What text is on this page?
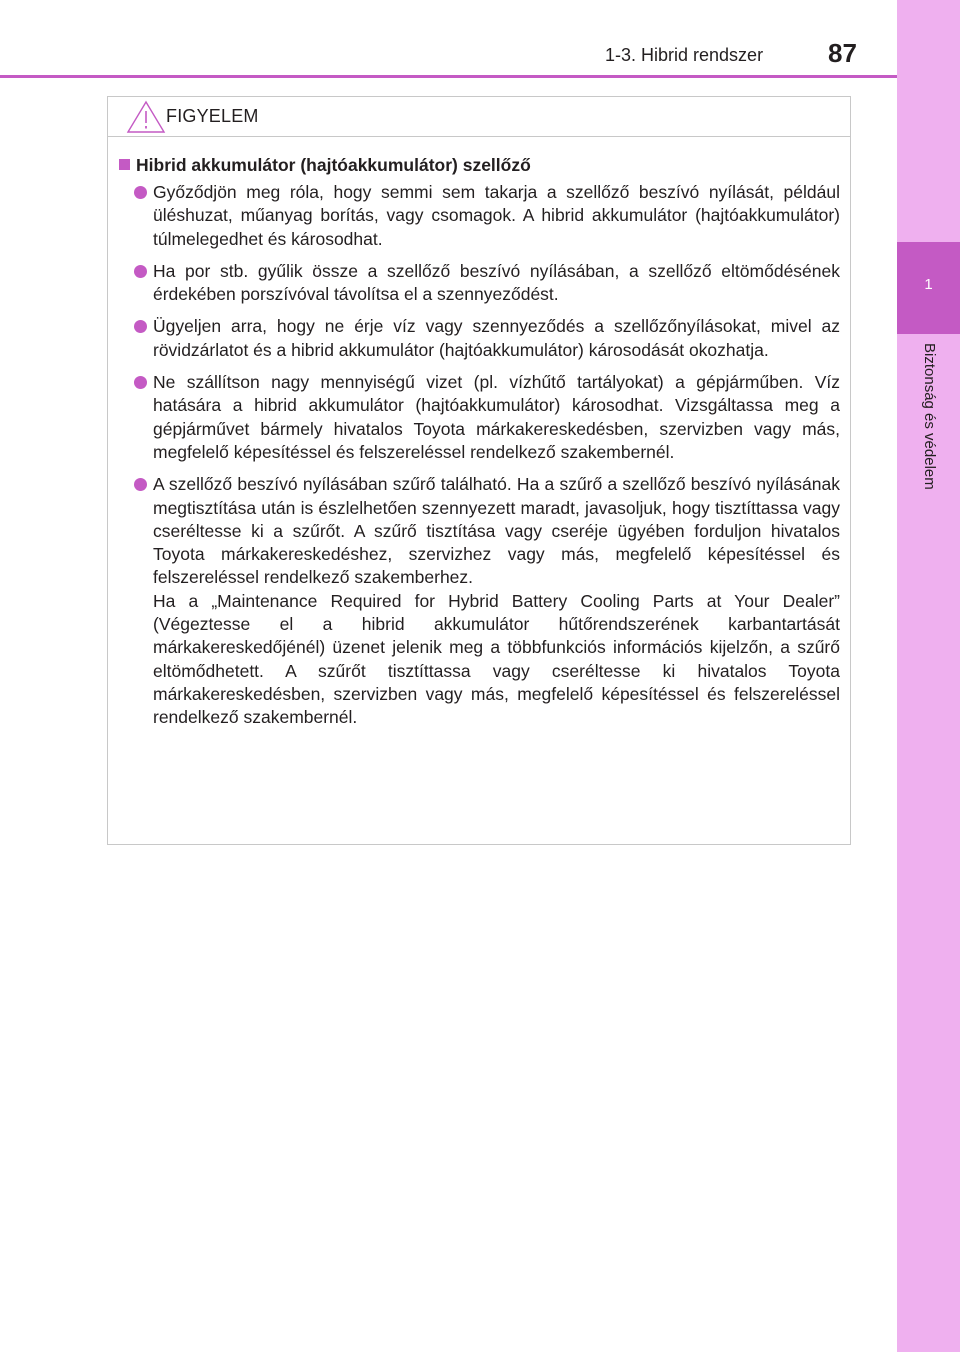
1
Biztonság és védelem
1-3. Hibrid rendszer 87
FIGYELEM
Hibrid akkumulátor (hajtóakkumulátor) szellőző

Győződjön meg róla, hogy semmi sem takarja a szellőző beszívó nyílását, például üléshuzat, műanyag borítás, vagy csomagok. A hibrid akkumulátor (hajtóakkumulátor) túlmelegedhet és károsodhat.

Ha por stb. gyűlik össze a szellőző beszívó nyílásában, a szellőző eltömődésének érdekében porszívóval távolítsa el a szennyeződést.

Ügyeljen arra, hogy ne érje víz vagy szennyeződés a szellőzőnyílásokat, mivel az rövidzárlatot és a hibrid akkumulátor (hajtóakkumulátor) károsodását okozhatja.

Ne szállítson nagy mennyiségű vizet (pl. vízhűtő tartályokat) a gépjárműben. Víz hatására a hibrid akkumulátor (hajtóakkumulátor) károsodhat. Vizsgáltassa meg a gépjárművet bármely hivatalos Toyota márkakereskedésben, szervizben vagy más, megfelelő képesítéssel és felszereléssel rendelkező szakembernél.

A szellőző beszívó nyílásában szűrő található. Ha a szűrő a szellőző beszívó nyílásának megtisztítása után is észlelhetően szennyezett maradt, javasoljuk, hogy tisztíttassa vagy cseréltesse ki a szűrőt. A szűrő tisztítása vagy cseréje ügyében forduljon hivatalos Toyota márkakereskedéshez, szervizhez vagy más, megfelelő képesítéssel és felszereléssel rendelkező szakemberhez.

Ha a „Maintenance Required for Hybrid Battery Cooling Parts at Your Dealer” (Végeztesse el a hibrid akkumulátor hűtőrendszerének karbantartását márkakereskedőjénél) üzenet jelenik meg a többfunkciós információs kijelzőn, a szűrő eltömődhetett. A szűrőt tisztíttassa vagy cseréltesse ki hivatalos Toyota márkakereskedésben, szervizben vagy más, megfelelő képesítéssel és felszereléssel rendelkező szakembernél.
